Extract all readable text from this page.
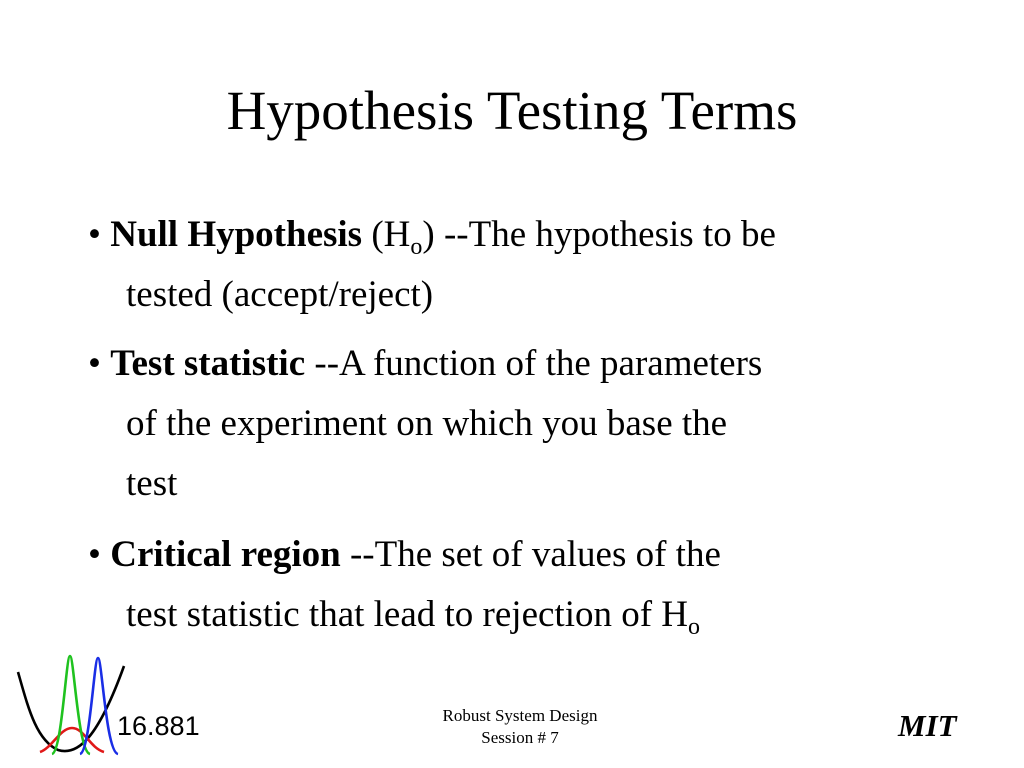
Hypothesis Testing Terms
• Null Hypothesis $(H_o)$ --The hypothesis to be
tested (accept/reject)
• Test statistic --A function of the parameters
of the experiment on which you base the
test
• Critical region --The set of values of the
test statistic that lead to rejection of $H_o$
16.881	Robust System Design
Session # 7	MIT
